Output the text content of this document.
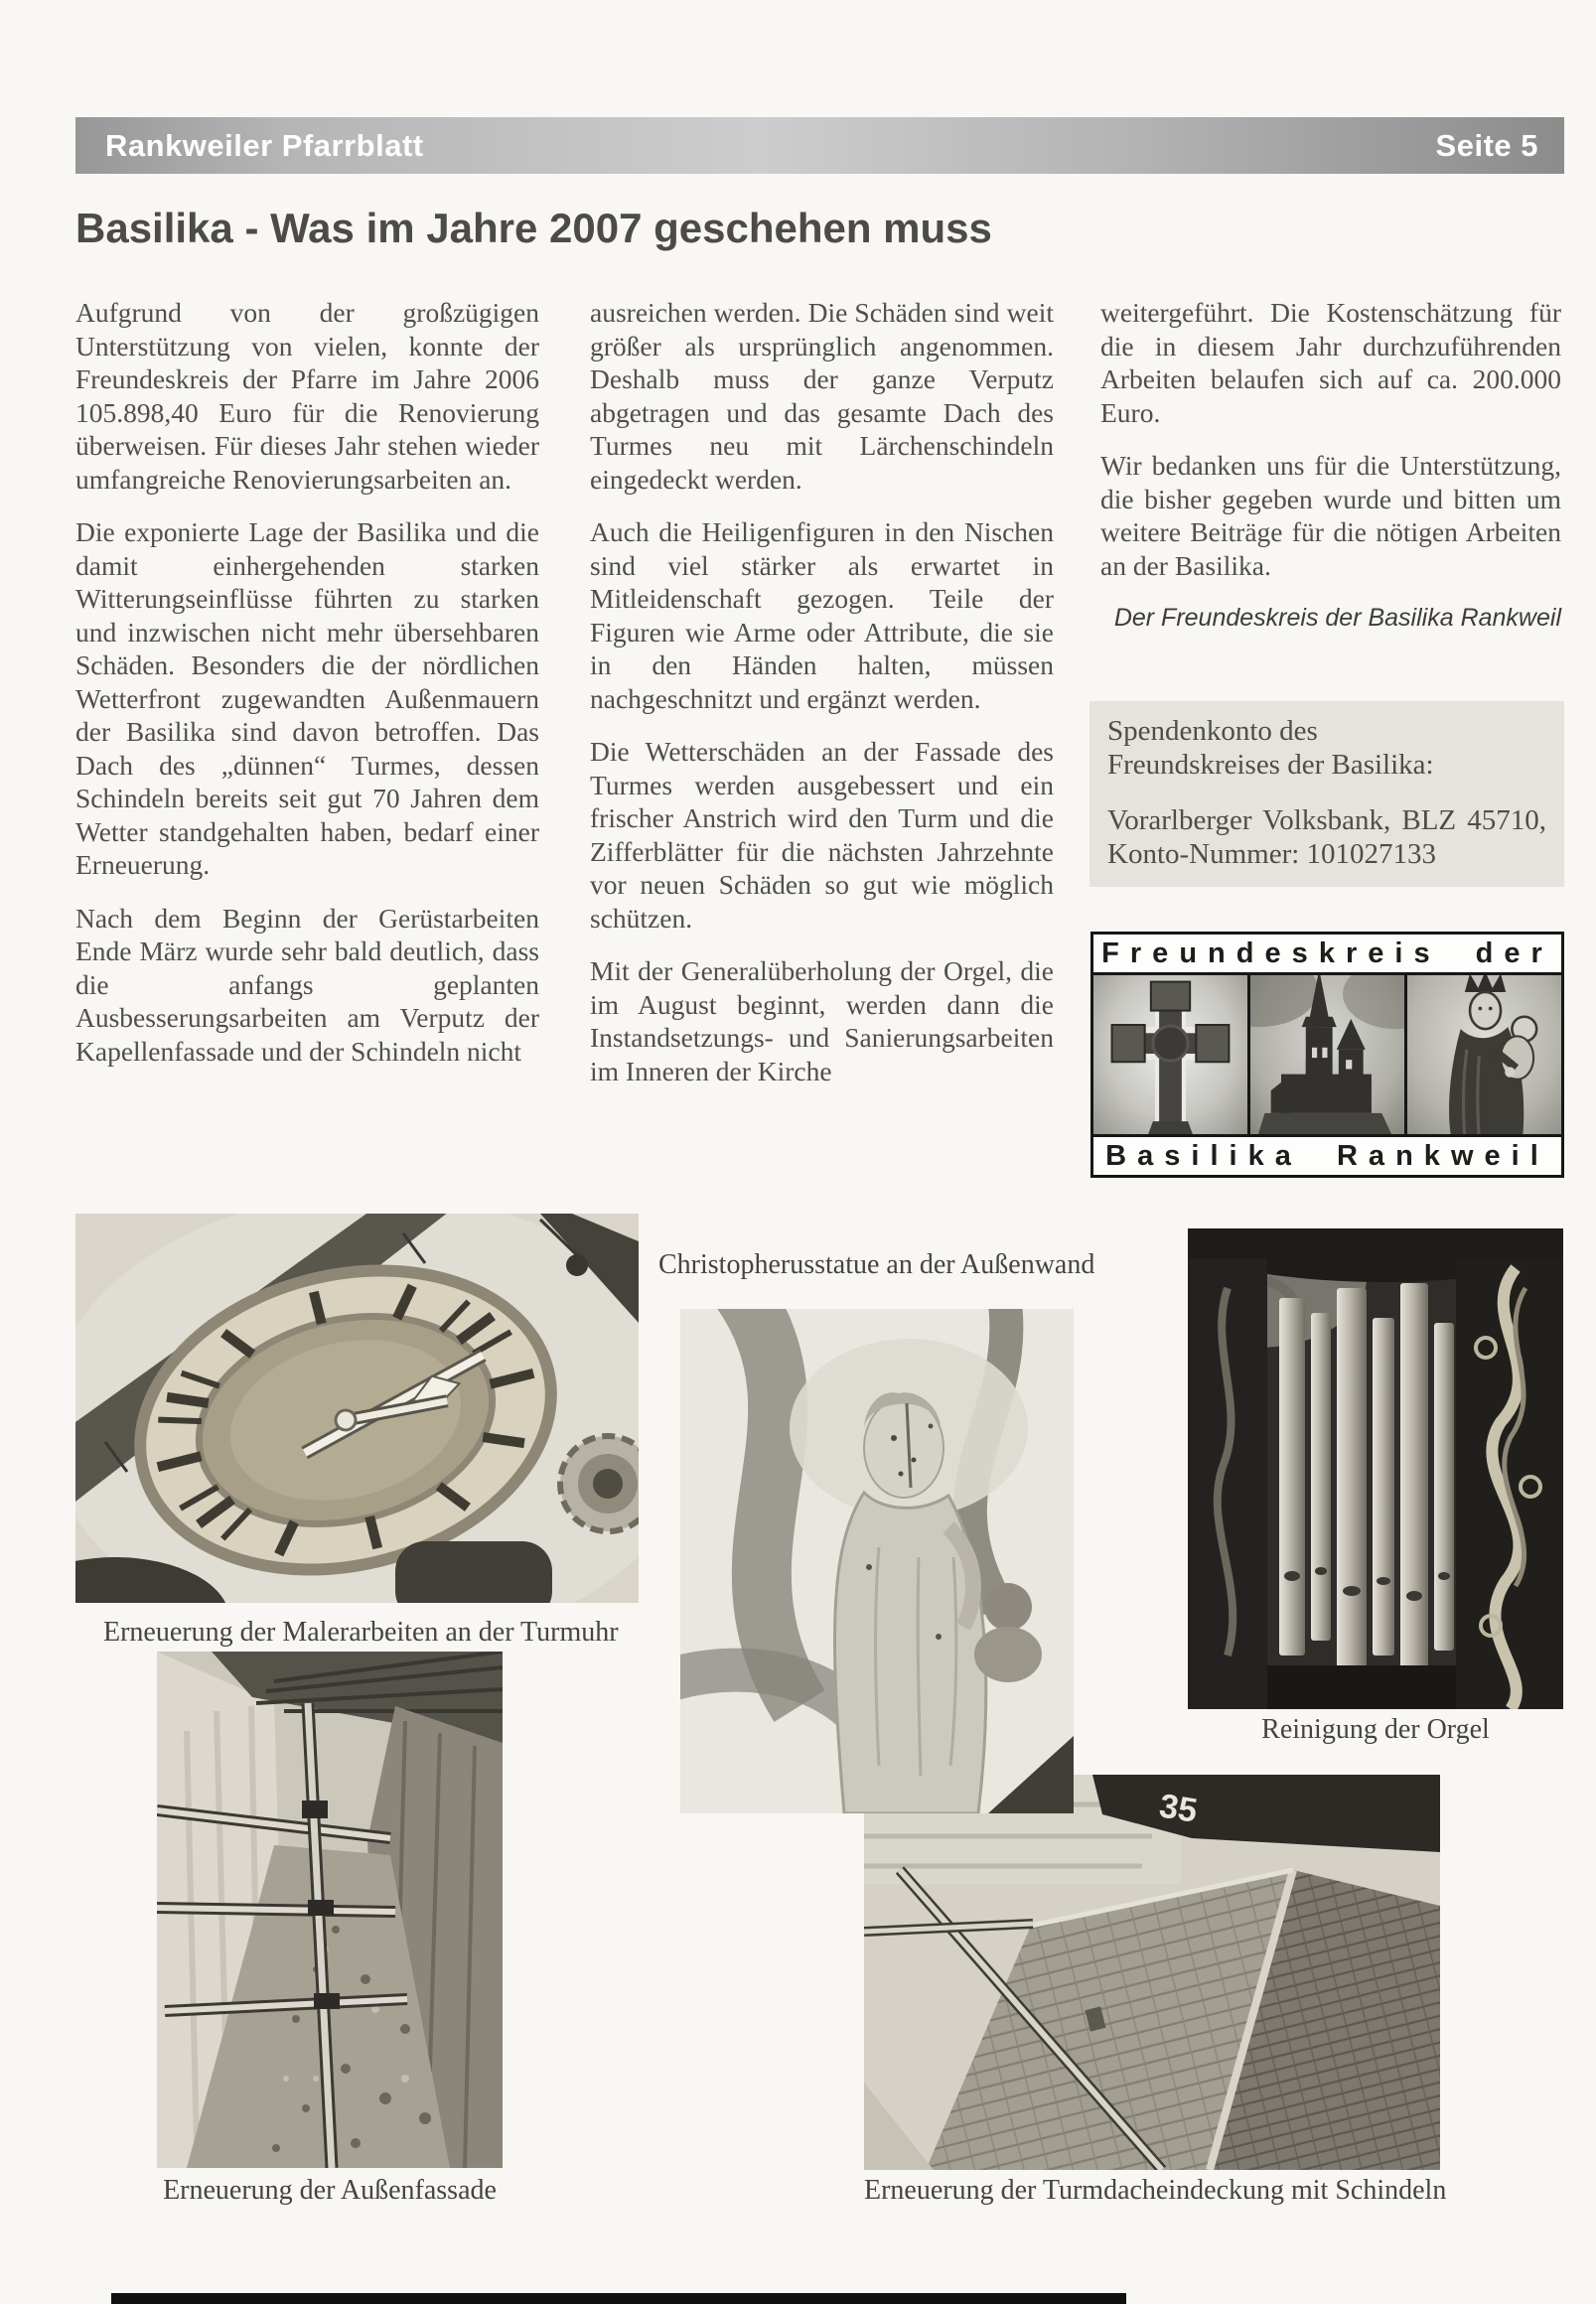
Rankweiler Pfarrblatt	Seite 5
Basilika - Was im Jahre 2007 geschehen muss

Aufgrund von der großzügigen Unterstützung von vielen, konnte der Freundeskreis der Pfarre im Jahre 2006 105.898,40 Euro für die Renovierung überweisen. Für dieses Jahr stehen wieder umfangreiche Renovierungsarbeiten an.

Die exponierte Lage der Basilika und die damit einhergehenden starken Witterungseinflüsse führten zu starken und inzwischen nicht mehr übersehbaren Schäden. Besonders die der nördlichen Wetterfront zugewandten Außenmauern der Basilika sind davon betroffen. Das Dach des „dünnen“ Turmes, dessen Schindeln bereits seit gut 70 Jahren dem Wetter standgehalten haben, bedarf einer Erneuerung.

Nach dem Beginn der Gerüstarbeiten Ende März wurde sehr bald deutlich, dass die anfangs geplanten Ausbesserungsarbeiten am Verputz der Kapellenfassade und der Schindeln nicht

ausreichen werden. Die Schäden sind weit größer als ursprünglich angenommen. Deshalb muss der ganze Verputz abgetragen und das gesamte Dach des Turmes neu mit Lärchenschindeln eingedeckt werden.

Auch die Heiligenfiguren in den Nischen sind viel stärker als erwartet in Mitleidenschaft gezogen. Teile der Figuren wie Arme oder Attribute, die sie in den Händen halten, müssen nachgeschnitzt und ergänzt werden.

Die Wetterschäden an der Fassade des Turmes werden ausgebessert und ein frischer Anstrich wird den Turm und die Zifferblätter für die nächsten Jahrzehnte vor neuen Schäden so gut wie möglich schützen.

Mit der Generalüberholung der Orgel, die im August beginnt, werden dann die Instandsetzungs- und Sanierungsarbeiten im Inneren der Kirche

weitergeführt. Die Kostenschätzung für die in diesem Jahr durchzuführenden Arbeiten belaufen sich auf ca. 200.000 Euro.

Wir bedanken uns für die Unterstützung, die bisher gegeben wurde und bitten um weitere Beiträge für die nötigen Arbeiten an der Basilika.

Der Freundeskreis der Basilika Rankweil
Spendenkonto des
Freundskreises der Basilika:
Vorarlberger Volksbank, BLZ 45710, Konto-Nummer: 101027133
Freundeskreis der
Basilika Rankweil
Erneuerung der Malerarbeiten an der Turmuhr
Christopherusstatue an der Außenwand
Reinigung der Orgel
Erneuerung der Außenfassade
35
Erneuerung der Turmdacheindeckung mit Schindeln
